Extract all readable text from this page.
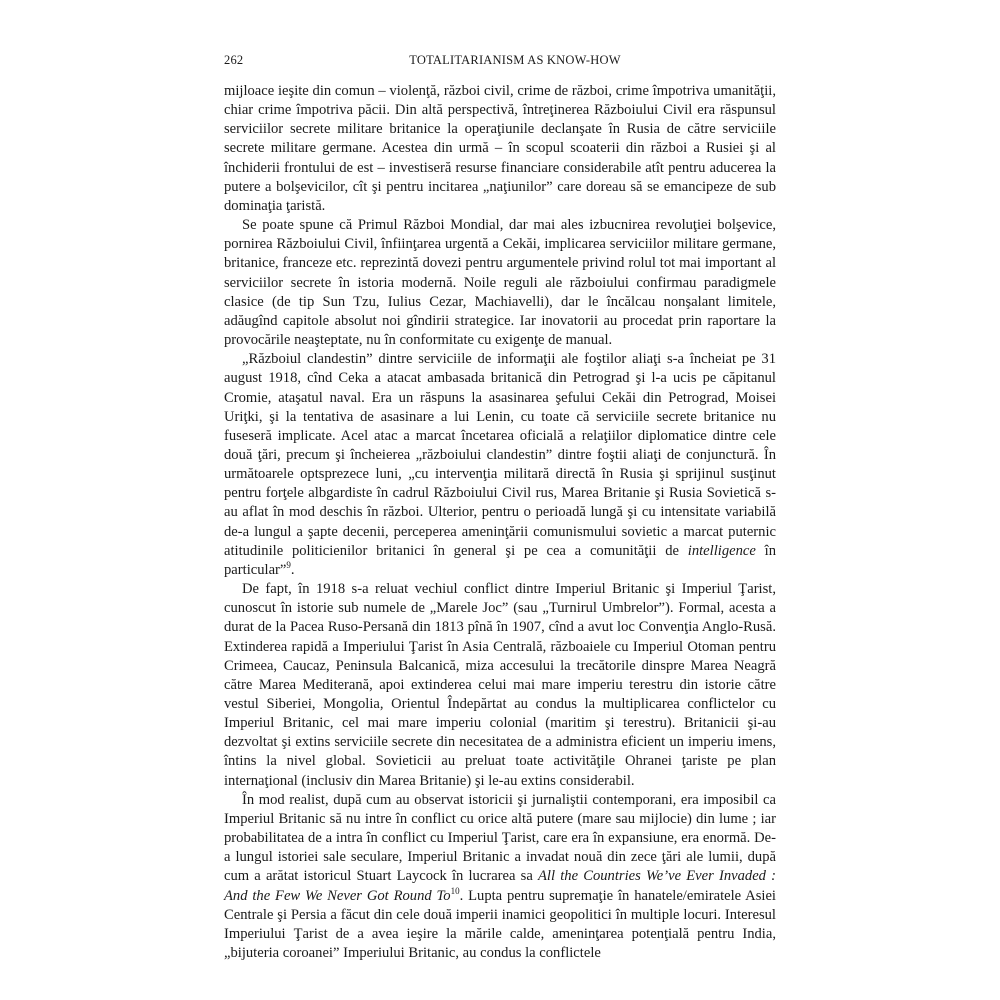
262	TOTALITARIANISM AS KNOW-HOW

mijloace ieşite din comun – violenţă, război civil, crime de război, crime împotriva umanităţii, chiar crime împotriva păcii. Din altă perspectivă, întreţinerea Războiului Civil era răspunsul serviciilor secrete militare britanice la operaţiunile declanşate în Rusia de către serviciile secrete militare germane. Acestea din urmă – în scopul scoaterii din război a Rusiei şi al închiderii frontului de est – investiseră resurse financiare considerabile atît pentru aducerea la putere a bolşevicilor, cît şi pentru incitarea „naţiunilor” care doreau să se emancipeze de sub dominaţia ţaristă.

Se poate spune că Primul Război Mondial, dar mai ales izbucnirea revoluţiei bolşevice, pornirea Războiului Civil, înfiinţarea urgentă a Cekăi, implicarea serviciilor militare germane, britanice, franceze etc. reprezintă dovezi pentru argumentele privind rolul tot mai important al serviciilor secrete în istoria modernă. Noile reguli ale războiului confirmau paradigmele clasice (de tip Sun Tzu, Iulius Cezar, Machiavelli), dar le încălcau nonşalant limitele, adăugînd capitole absolut noi gîndirii strategice. Iar inovatorii au procedat prin raportare la provocările neaşteptate, nu în conformitate cu exigenţe de manual.

„Războiul clandestin” dintre serviciile de informaţii ale foştilor aliaţi s-a încheiat pe 31 august 1918, cînd Ceka a atacat ambasada britanică din Petrograd şi l-a ucis pe căpitanul Cromie, ataşatul naval. Era un răspuns la asasinarea şefului Cekăi din Petrograd, Moisei Uriţki, şi la tentativa de asasinare a lui Lenin, cu toate că serviciile secrete britanice nu fuseseră implicate. Acel atac a marcat încetarea oficială a relaţiilor diplomatice dintre cele două ţări, precum şi încheierea „războiului clandestin” dintre foştii aliaţi de conjunctură. În următoarele optsprezece luni, „cu intervenţia militară directă în Rusia şi sprijinul susţinut pentru forţele albgardiste în cadrul Războiului Civil rus, Marea Britanie şi Rusia Sovietică s-au aflat în mod deschis în război. Ulterior, pentru o perioadă lungă şi cu intensitate variabilă de-a lungul a şapte decenii, perceperea ameninţării comunismului sovietic a marcat puternic atitudinile politicienilor britanici în general şi pe cea a comunităţii de intelligence în particular”$^9$.

De fapt, în 1918 s-a reluat vechiul conflict dintre Imperiul Britanic şi Imperiul Ţarist, cunoscut în istorie sub numele de „Marele Joc” (sau „Turnirul Umbrelor”). Formal, acesta a durat de la Pacea Ruso-Persană din 1813 pînă în 1907, cînd a avut loc Convenţia Anglo-Rusă. Extinderea rapidă a Imperiului Ţarist în Asia Centrală, războaiele cu Imperiul Otoman pentru Crimeea, Caucaz, Peninsula Balcanică, miza accesului la trecătorile dinspre Marea Neagră către Marea Mediterană, apoi extinderea celui mai mare imperiu terestru din istorie către vestul Siberiei, Mongolia, Orientul Îndepărtat au condus la multiplicarea conflictelor cu Imperiul Britanic, cel mai mare imperiu colonial (maritim şi terestru). Britanicii şi-au dezvoltat şi extins serviciile secrete din necesitatea de a administra eficient un imperiu imens, întins la nivel global. Sovieticii au preluat toate activităţile Ohranei ţariste pe plan internaţional (inclusiv din Marea Britanie) şi le-au extins considerabil.

În mod realist, după cum au observat istoricii şi jurnaliştii contemporani, era imposibil ca Imperiul Britanic să nu intre în conflict cu orice altă putere (mare sau mijlocie) din lume ; iar probabilitatea de a intra în conflict cu Imperiul Ţarist, care era în expansiune, era enormă. De-a lungul istoriei sale seculare, Imperiul Britanic a invadat nouă din zece ţări ale lumii, după cum a arătat istoricul Stuart Laycock în lucrarea sa All the Countries We’ve Ever Invaded : And the Few We Never Got Round To$^{10}$. Lupta pentru supremaţie în hanatele/emiratele Asiei Centrale şi Persia a făcut din cele două imperii inamici geopolitici în multiple locuri. Interesul Imperiului Ţarist de a avea ieşire la mările calde, ameninţarea potenţială pentru India, „bijuteria coroanei” Imperiului Britanic, au condus la conflictele
